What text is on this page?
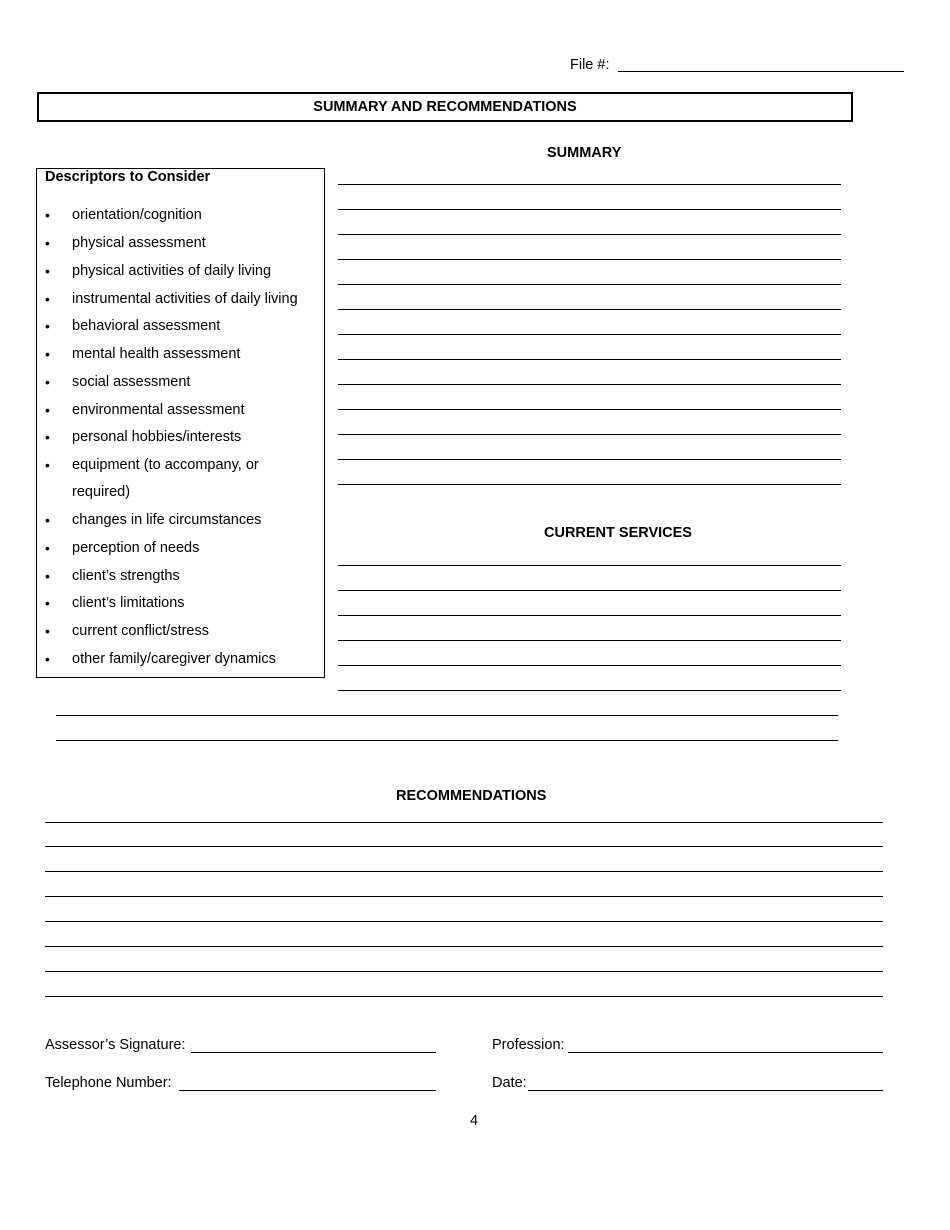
File #:
SUMMARY AND RECOMMENDATIONS
Descriptors to Consider
• orientation/cognition
• physical assessment
• physical activities of daily living
• instrumental activities of daily living
• behavioral assessment
• mental health assessment
• social assessment
• environmental assessment
• personal hobbies/interests
• equipment (to accompany, or
required)
• changes in life circumstances
• perception of needs
• client’s strengths
• client’s limitations
• current conflict/stress
• other family/caregiver dynamics
SUMMARY
CURRENT SERVICES
RECOMMENDATIONS
Assessor’s Signature:	Profession:
Telephone Number:	Date:
4
